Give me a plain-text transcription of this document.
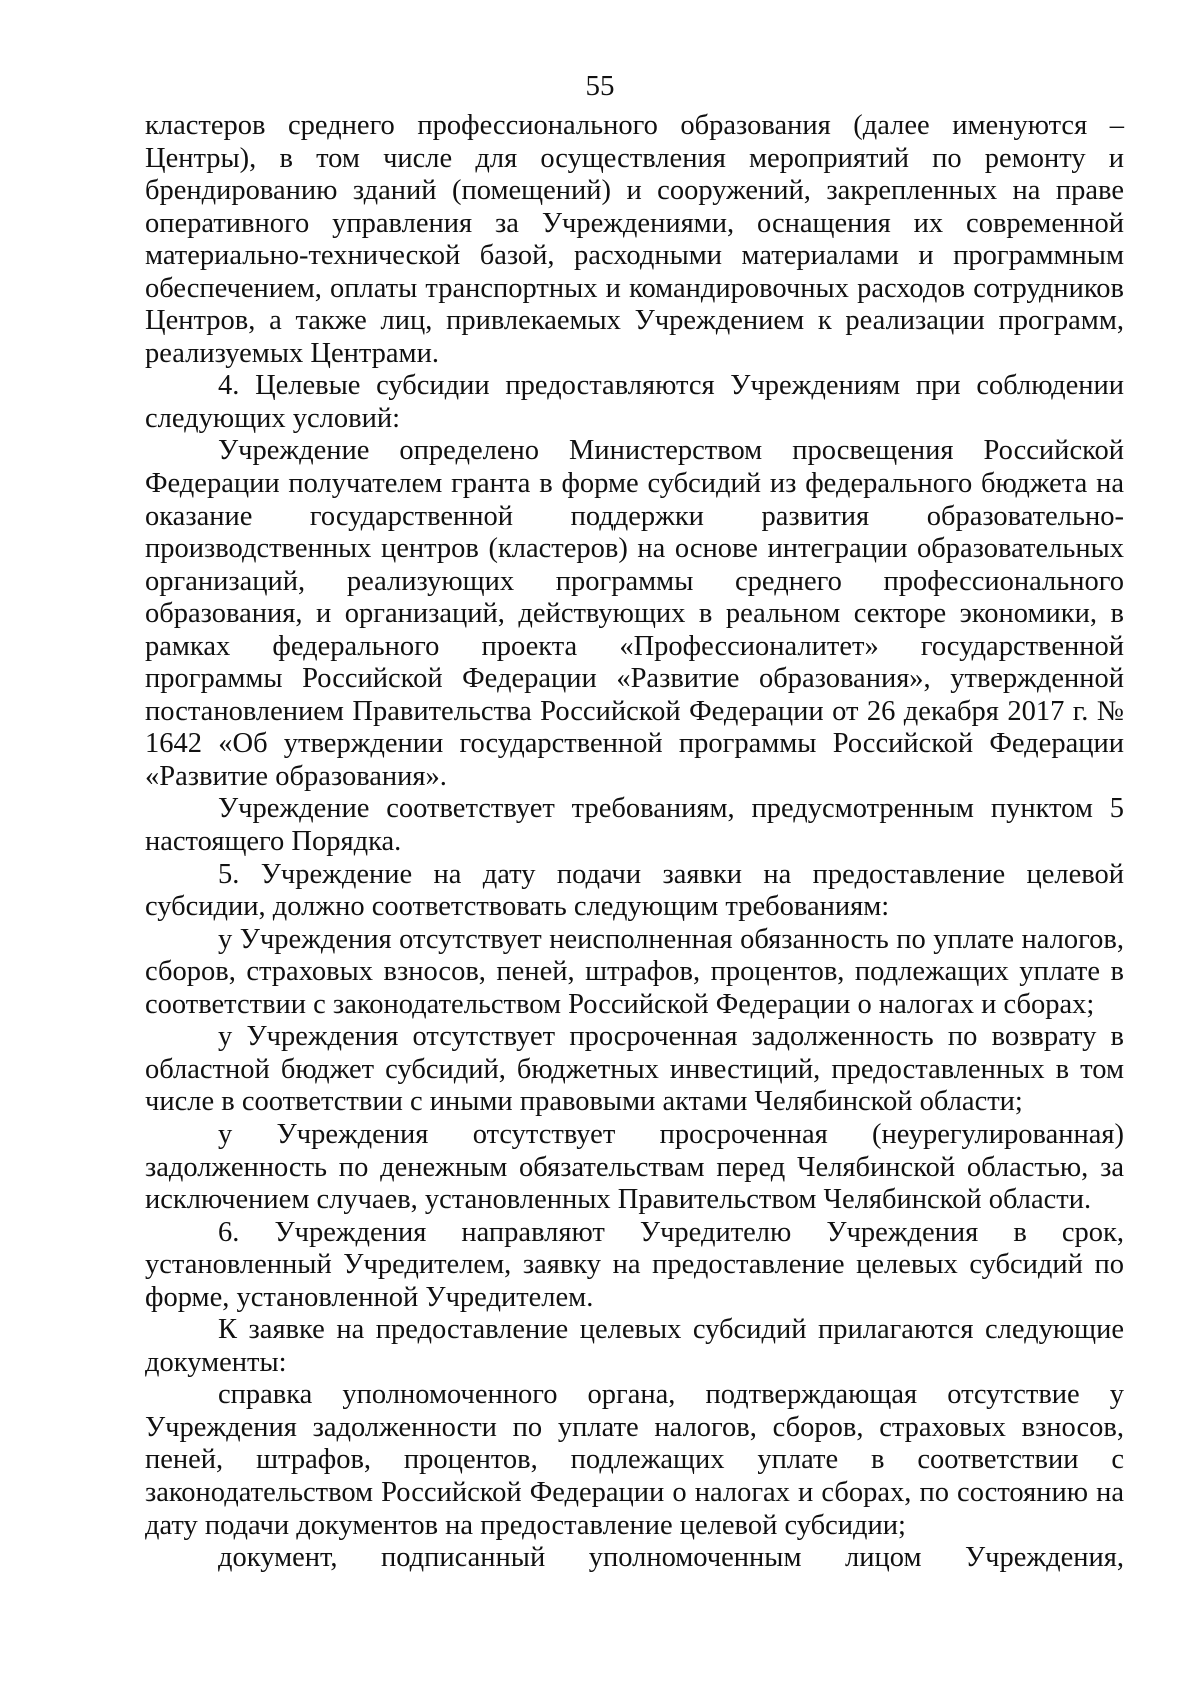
55

кластеров среднего профессионального образования (далее именуются – Центры), в том числе для осуществления мероприятий по ремонту и брендированию зданий (помещений) и сооружений, закрепленных на праве оперативного управления за Учреждениями, оснащения их современной материально-технической базой, расходными материалами и программным обеспечением, оплаты транспортных и командировочных расходов сотрудников Центров, а также лиц, привлекаемых Учреждением к реализации программ, реализуемых Центрами.

4. Целевые субсидии предоставляются Учреждениям при соблюдении следующих условий:

Учреждение определено Министерством просвещения Российской Федерации получателем гранта в форме субсидий из федерального бюджета на оказание государственной поддержки развития образовательно-производственных центров (кластеров) на основе интеграции образовательных организаций, реализующих программы среднего профессионального образования, и организаций, действующих в реальном секторе экономики, в рамках федерального проекта «Профессионалитет» государственной программы Российской Федерации «Развитие образования», утвержденной постановлением Правительства Российской Федерации от 26 декабря 2017 г. № 1642 «Об утверждении государственной программы Российской Федерации «Развитие образования».

Учреждение соответствует требованиям, предусмотренным пунктом 5 настоящего Порядка.

5. Учреждение на дату подачи заявки на предоставление целевой субсидии, должно соответствовать следующим требованиям:

у Учреждения отсутствует неисполненная обязанность по уплате налогов, сборов, страховых взносов, пеней, штрафов, процентов, подлежащих уплате в соответствии с законодательством Российской Федерации о налогах и сборах;

у Учреждения отсутствует просроченная задолженность по возврату в областной бюджет субсидий, бюджетных инвестиций, предоставленных в том числе в соответствии с иными правовыми актами Челябинской области;

у Учреждения отсутствует просроченная (неурегулированная) задолженность по денежным обязательствам перед Челябинской областью, за исключением случаев, установленных Правительством Челябинской области.

6. Учреждения направляют Учредителю Учреждения в срок, установленный Учредителем, заявку на предоставление целевых субсидий по форме, установленной Учредителем.

К заявке на предоставление целевых субсидий прилагаются следующие документы:

справка уполномоченного органа, подтверждающая отсутствие у Учреждения задолженности по уплате налогов, сборов, страховых взносов, пеней, штрафов, процентов, подлежащих уплате в соответствии с законодательством Российской Федерации о налогах и сборах, по состоянию на дату подачи документов на предоставление целевой субсидии;

документ, подписанный уполномоченным лицом Учреждения,
